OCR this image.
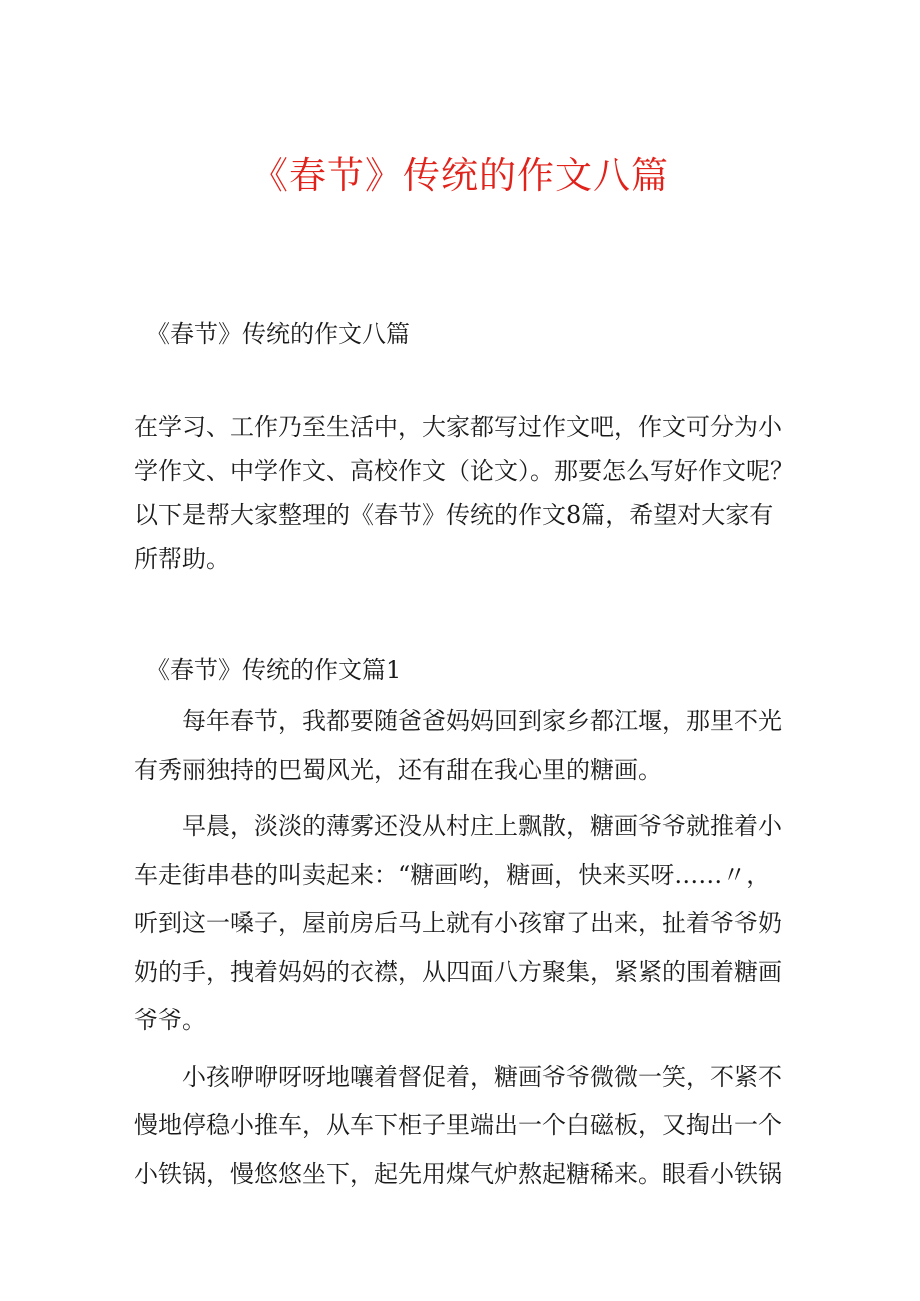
《春节》传统的作文八篇
《春节》传统的作文八篇

在学习、工作乃至生活中，大家都写过作文吧，作文可分为小学作文、中学作文、高校作文（论文）。那要怎么写好作文呢？以下是帮大家整理的《春节》传统的作文8篇，希望对大家有所帮助。

《春节》传统的作文篇1

每年春节，我都要随爸爸妈妈回到家乡都江堰，那里不光有秀丽独持的巴蜀风光，还有甜在我心里的糖画。

早晨，淡淡的薄雾还没从村庄上飘散，糖画爷爷就推着小车走街串巷的叫卖起来：“糖画哟，糖画，快来买呀……〃，听到这一嗓子，屋前房后马上就有小孩窜了出来，扯着爷爷奶奶的手，拽着妈妈的衣襟，从四面八方聚集，紧紧的围着糖画爷爷。

小孩咿咿呀呀地嚷着督促着，糖画爷爷微微一笑，不紧不慢地停稳小推车，从车下柜子里端出一个白磁板，又掏出一个小铁锅，慢悠悠坐下，起先用煤气炉熬起糖稀来。眼看小铁锅
